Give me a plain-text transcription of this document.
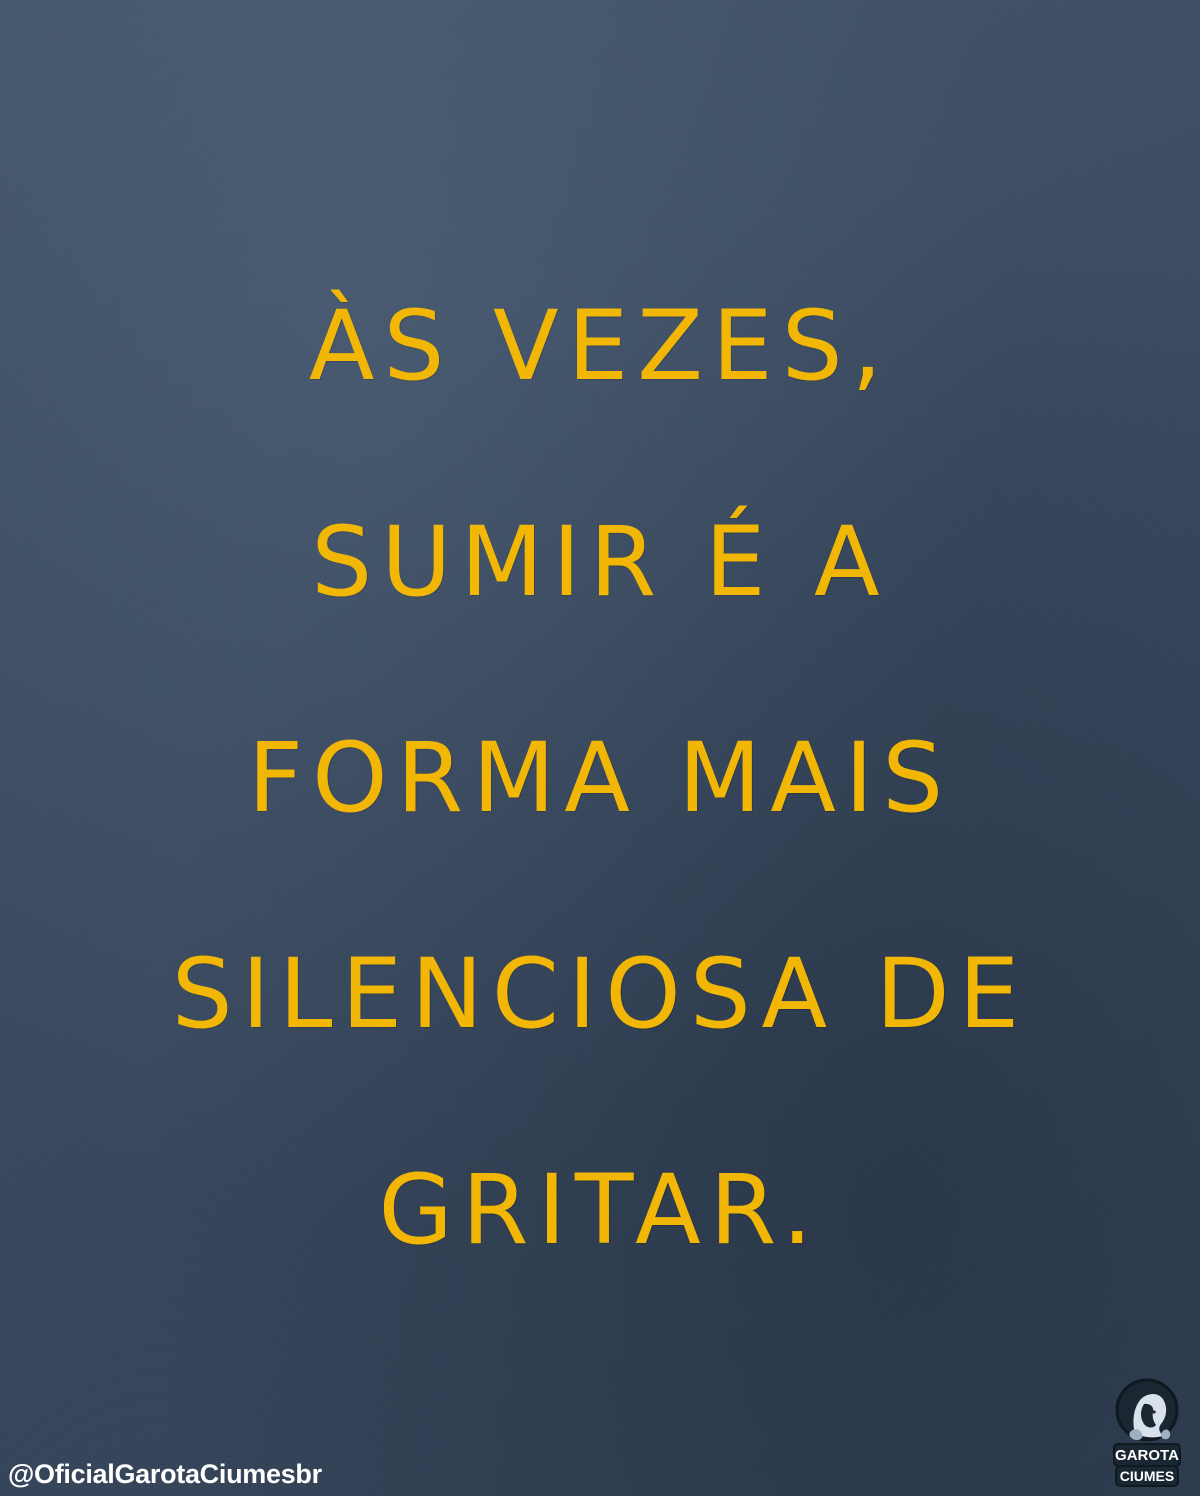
ÀS VEZES,
SUMIR É A
FORMA MAIS
SILENCIOSA DE
GRITAR.
@OficialGarotaCiumesbr
GAROTA
CIUMES
